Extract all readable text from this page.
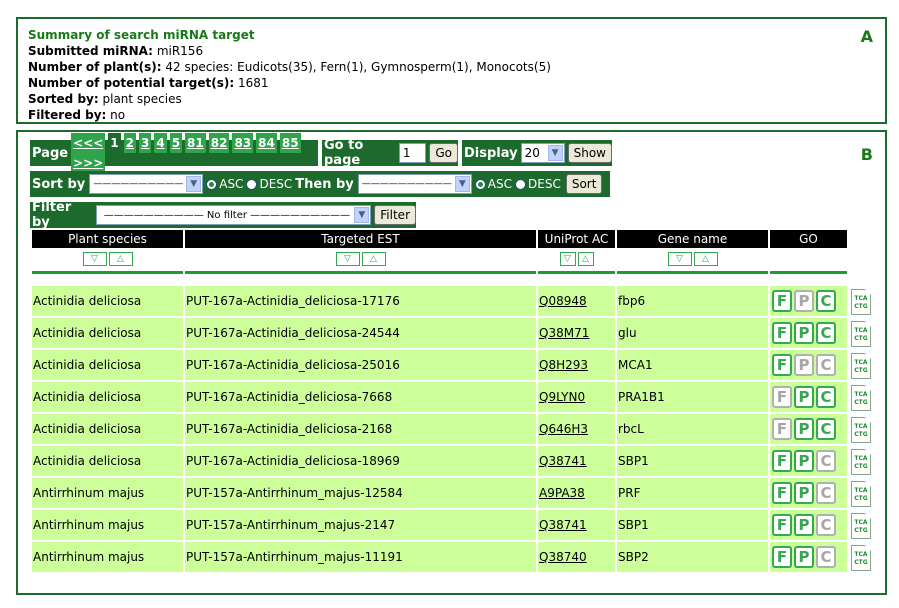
A
Summary of search miRNA target
Submitted miRNA: miR156
Number of plant(s): 42 species: Eudicots(35), Fern(1), Gymnosperm(1), Monocots(5)
Number of potential target(s): 1681
Sorted by: plant species
Filtered by: no
B
Page
<<< 1 2 3 4 5 81 82 83 84 85>>>
Go to page	1	Go Display 20	▼	Show
Sort by —————————— ▼	ASC DESC Then by —————————— ▼	ASC DESC Sort
Filter by	—————————— No filter —————————— ▼	Filter
Plant species	Targeted EST	UniProt AC	Gene name	GO	
▽ △	▽ △	▽ △	▽ △		

Actinidia deliciosa	PUT-167a-Actinidia_deliciosa-17176	Q08948	fbp6	F P C	TCA
CTG
Actinidia deliciosa	PUT-167a-Actinidia_deliciosa-24544	Q38M71	glu	F P C	TCA
CTG
Actinidia deliciosa	PUT-167a-Actinidia_deliciosa-25016	Q8H293	MCA1	F P C	TCA
CTG
Actinidia deliciosa	PUT-167a-Actinidia_deliciosa-7668	Q9LYN0	PRA1B1	F P C	TCA
CTG
Actinidia deliciosa	PUT-167a-Actinidia_deliciosa-2168	Q646H3	rbcL	F P C	TCA
CTG
Actinidia deliciosa	PUT-167a-Actinidia_deliciosa-18969	Q38741	SBP1	F P C	TCA
CTG
Antirrhinum majus	PUT-157a-Antirrhinum_majus-12584	A9PA38	PRF	F P C	TCA
CTG
Antirrhinum majus	PUT-157a-Antirrhinum_majus-2147	Q38741	SBP1	F P C	TCA
CTG
Antirrhinum majus	PUT-157a-Antirrhinum_majus-11191	Q38740	SBP2	F P C	TCA
CTG
